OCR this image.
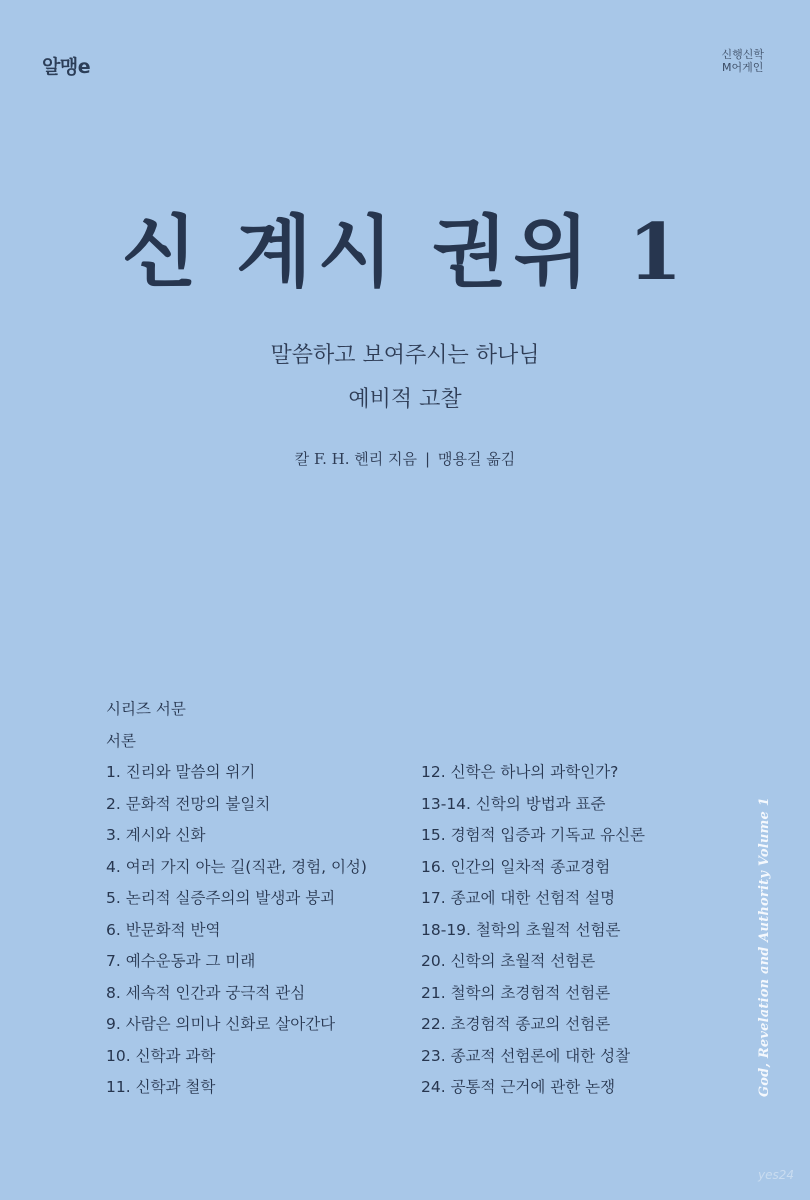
알맹e
신행신학
M어게인
신 계시 권위 1
말씀하고 보여주시는 하나님
예비적 고찰
칼 F. H. 헨리 지음 | 맹용길 옮김
시리즈 서문
서론
1. 진리와 말씀의 위기
2. 문화적 전망의 불일치
3. 계시와 신화
4. 여러 가지 아는 길(직관, 경험, 이성)
5. 논리적 실증주의의 발생과 붕괴
6. 반문화적 반역
7. 예수운동과 그 미래
8. 세속적 인간과 궁극적 관심
9. 사람은 의미나 신화로 살아간다
10. 신학과 과학
11. 신학과 철학
12. 신학은 하나의 과학인가?
13-14. 신학의 방법과 표준
15. 경험적 입증과 기독교 유신론
16. 인간의 일차적 종교경험
17. 종교에 대한 선험적 설명
18-19. 철학의 초월적 선험론
20. 신학의 초월적 선험론
21. 철학의 초경험적 선험론
22. 초경험적 종교의 선험론
23. 종교적 선험론에 대한 성찰
24. 공통적 근거에 관한 논쟁	God, Revelation and Authority Volume 1
yes24
